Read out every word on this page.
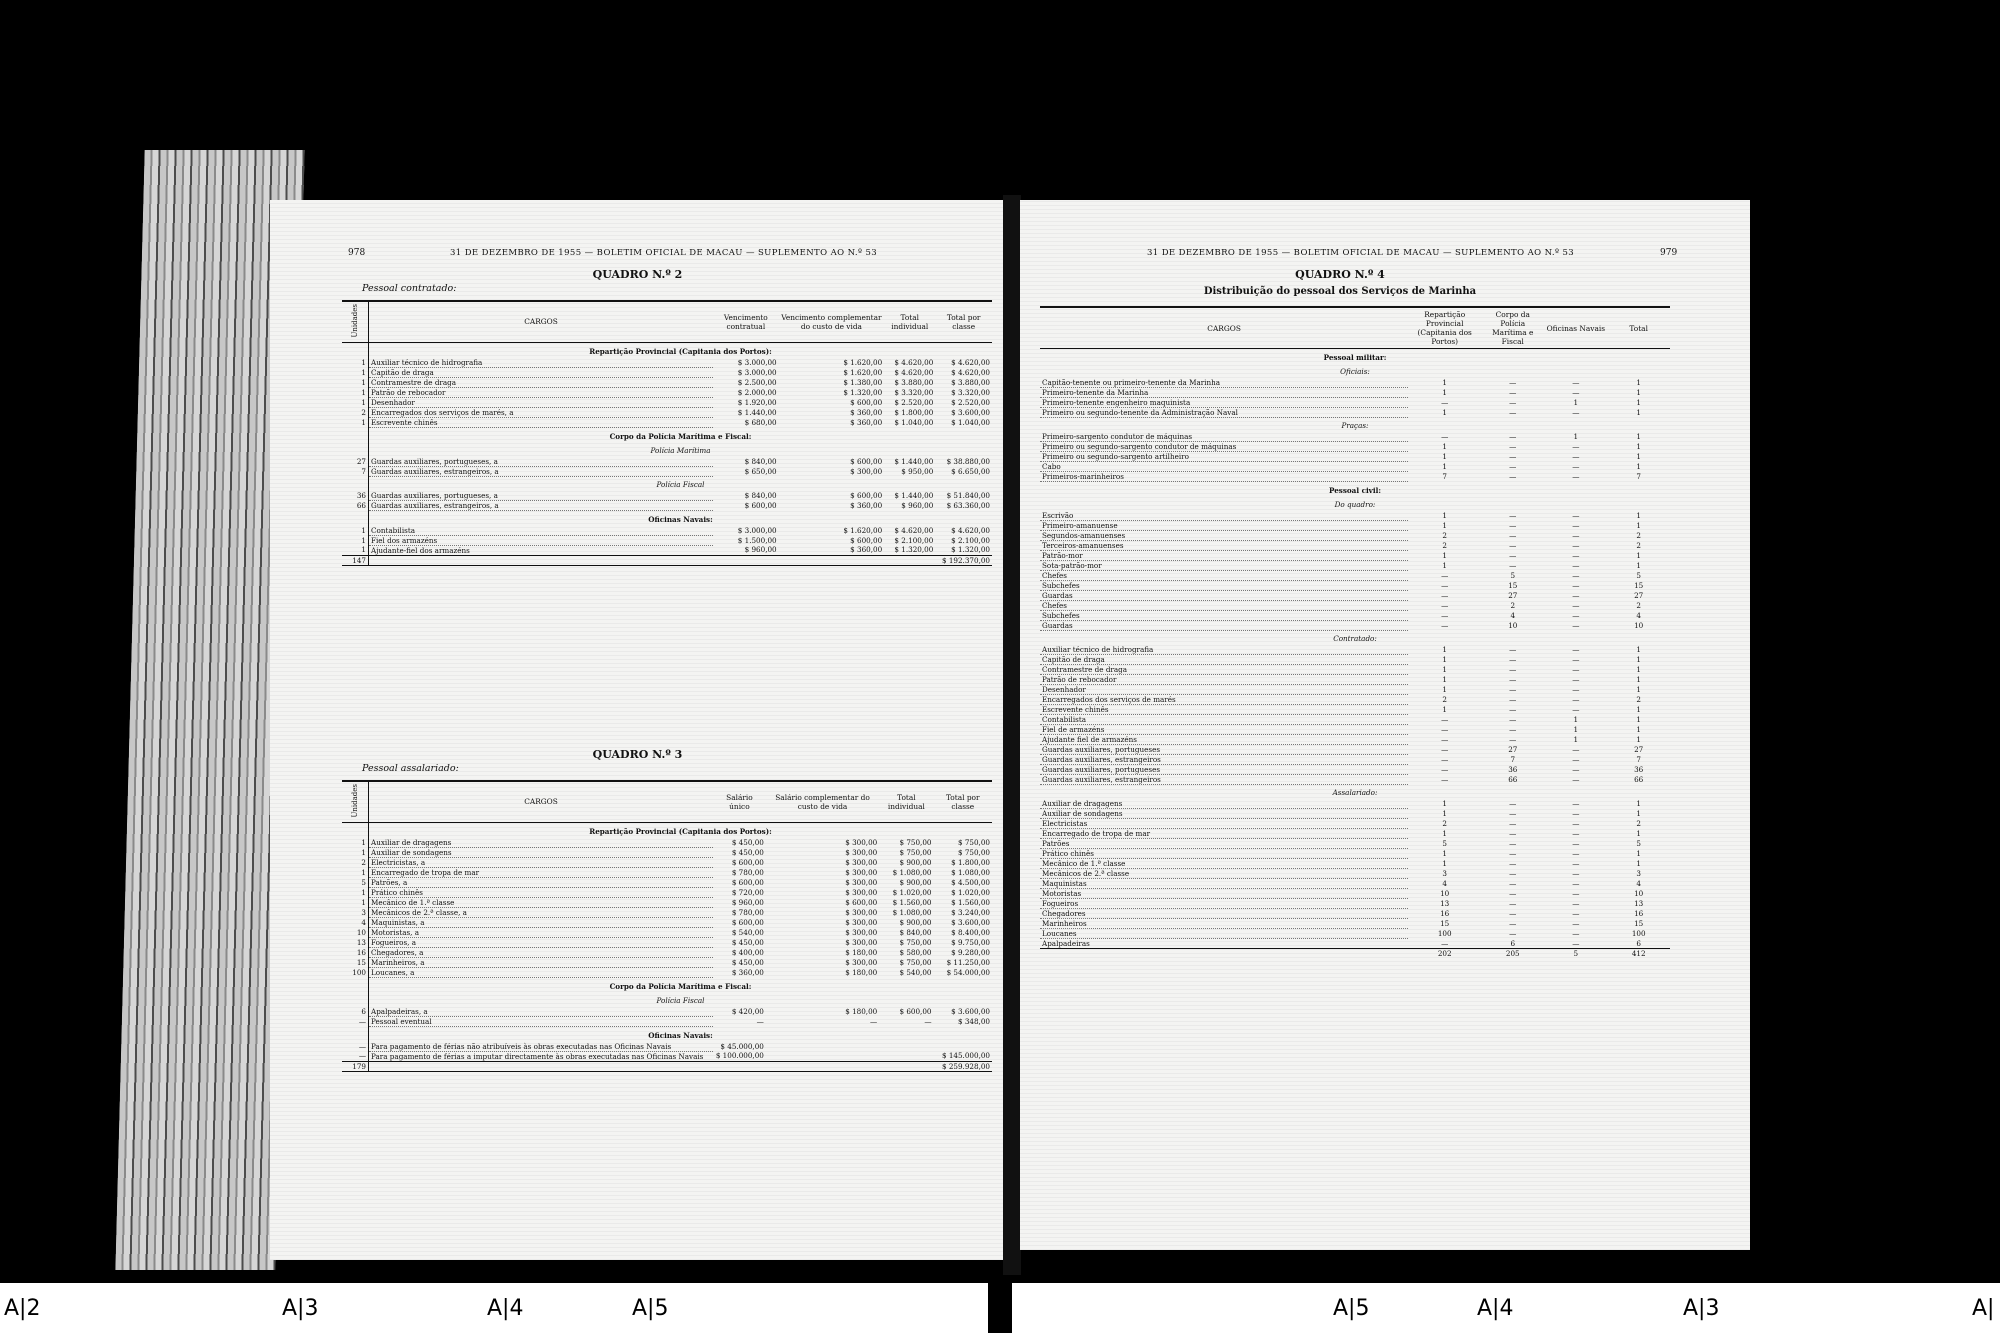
978	31 DE DEZEMBRO DE 1955 — BOLETIM OFICIAL DE MACAU — SUPLEMENTO AO N.º 53
QUADRO N.º 2
Pessoal contratado:
Unidades	CARGOS	Vencimento contratual	Vencimento complementar do custo de vida	Total individual	Total por classe
	Repartição Provincial (Capitania dos Portos):				
1	Auxiliar técnico de hidrografia	$ 3.000,00	$ 1.620,00	$ 4.620,00	$ 4.620,00
1	Capitão de draga	$ 3.000,00	$ 1.620,00	$ 4.620,00	$ 4.620,00
1	Contramestre de draga	$ 2.500,00	$ 1.380,00	$ 3.880,00	$ 3.880,00
1	Patrão de rebocador	$ 2.000,00	$ 1.320,00	$ 3.320,00	$ 3.320,00
1	Desenhador	$ 1.920,00	$ 600,00	$ 2.520,00	$ 2.520,00
2	Encarregados dos serviços de marés, a	$ 1.440,00	$ 360,00	$ 1.800,00	$ 3.600,00
1	Escrevente chinês	$ 680,00	$ 360,00	$ 1.040,00	$ 1.040,00
	Corpo da Polícia Marítima e Fiscal:				
	Polícia Marítima				
27	Guardas auxiliares, portugueses, a	$ 840,00	$ 600,00	$ 1.440,00	$ 38.880,00
7	Guardas auxiliares, estrangeiros, a	$ 650,00	$ 300,00	$ 950,00	$ 6.650,00
	Polícia Fiscal				
36	Guardas auxiliares, portugueses, a	$ 840,00	$ 600,00	$ 1.440,00	$ 51.840,00
66	Guardas auxiliares, estrangeiros, a	$ 600,00	$ 360,00	$ 960,00	$ 63.360,00
	Oficinas Navais:				
1	Contabilista	$ 3.000,00	$ 1.620,00	$ 4.620,00	$ 4.620,00
1	Fiel dos armazéns	$ 1.500,00	$ 600,00	$ 2.100,00	$ 2.100,00
1	Ajudante-fiel dos armazéns	$ 960,00	$ 360,00	$ 1.320,00	$ 1.320,00
147					$ 192.370,00
QUADRO N.º 3
Pessoal assalariado:
Unidades	CARGOS	Salário único	Salário complementar do custo de vida	Total individual	Total por classe
	Repartição Provincial (Capitania dos Portos):				
1	Auxiliar de dragagens	$ 450,00	$ 300,00	$ 750,00	$ 750,00
1	Auxiliar de sondagens	$ 450,00	$ 300,00	$ 750,00	$ 750,00
2	Electricistas, a	$ 600,00	$ 300,00	$ 900,00	$ 1.800,00
1	Encarregado de tropa de mar	$ 780,00	$ 300,00	$ 1.080,00	$ 1.080,00
5	Patrões, a	$ 600,00	$ 300,00	$ 900,00	$ 4.500,00
1	Prático chinês	$ 720,00	$ 300,00	$ 1.020,00	$ 1.020,00
1	Mecânico de 1.ª classe	$ 960,00	$ 600,00	$ 1.560,00	$ 1.560,00
3	Mecânicos de 2.ª classe, a	$ 780,00	$ 300,00	$ 1.080,00	$ 3.240,00
4	Maquinistas, a	$ 600,00	$ 300,00	$ 900,00	$ 3.600,00
10	Motoristas, a	$ 540,00	$ 300,00	$ 840,00	$ 8.400,00
13	Fogueiros, a	$ 450,00	$ 300,00	$ 750,00	$ 9.750,00
16	Chegadores, a	$ 400,00	$ 180,00	$ 580,00	$ 9.280,00
15	Marinheiros, a	$ 450,00	$ 300,00	$ 750,00	$ 11.250,00
100	Loucanes, a	$ 360,00	$ 180,00	$ 540,00	$ 54.000,00
	Corpo da Polícia Marítima e Fiscal:				
	Polícia Fiscal				
6	Apalpadeiras, a	$ 420,00	$ 180,00	$ 600,00	$ 3.600,00
—	Pessoal eventual	—	—	—	$ 348,00
	Oficinas Navais:				
—	Para pagamento de férias não atribuíveis às obras executadas nas Oficinas Navais	$ 45.000,00			
—	Para pagamento de férias a imputar directamente às obras executadas nas Oficinas Navais	$ 100.000,00			$ 145.000,00
179					$ 259.928,00
31 DE DEZEMBRO DE 1955 — BOLETIM OFICIAL DE MACAU — SUPLEMENTO AO N.º 53	979
QUADRO N.º 4
Distribuição do pessoal dos Serviços de Marinha
CARGOS	Repartição Provincial (Capitania dos Portos)	Corpo da Polícia Marítima e Fiscal	Oficinas Navais	Total
Pessoal militar:				
Oficiais:				
Capitão-tenente ou primeiro-tenente da Marinha	1	—	—	1
Primeiro-tenente da Marinha	1	—	—	1
Primeiro-tenente engenheiro maquinista	—	—	1	1
Primeiro ou segundo-tenente da Administração Naval	1	—	—	1
Praças:				
Primeiro-sargento condutor de máquinas	—	—	1	1
Primeiro ou segundo-sargento condutor de máquinas	1	—	—	1
Primeiro ou segundo-sargento artilheiro	1	—	—	1
Cabo	1	—	—	1
Primeiros-marinheiros	7	—	—	7
Pessoal civil:				
Do quadro:				
Escrivão	1	—	—	1
Primeiro-amanuense	1	—	—	1
Segundos-amanuenses	2	—	—	2
Terceiros-amanuenses	2	—	—	2
Patrão-mor	1	—	—	1
Sota-patrão-mor	1	—	—	1
Chefes	—	5	—	5
Subchefes	—	15	—	15
Guardas	—	27	—	27
Chefes	—	2	—	2
Subchefes	—	4	—	4
Guardas	—	10	—	10
Contratado:				
Auxiliar técnico de hidrografia	1	—	—	1
Capitão de draga	1	—	—	1
Contramestre de draga	1	—	—	1
Patrão de rebocador	1	—	—	1
Desenhador	1	—	—	1
Encarregados dos serviços de marés	2	—	—	2
Escrevente chinês	1	—	—	1
Contabilista	—	—	1	1
Fiel de armazéns	—	—	1	1
Ajudante fiel de armazéns	—	—	1	1
Guardas auxiliares, portugueses	—	27	—	27
Guardas auxiliares, estrangeiros	—	7	—	7
Guardas auxiliares, portugueses	—	36	—	36
Guardas auxiliares, estrangeiros	—	66	—	66
Assalariado:				
Auxiliar de dragagens	1	—	—	1
Auxiliar de sondagens	1	—	—	1
Electricistas	2	—	—	2
Encarregado de tropa de mar	1	—	—	1
Patrões	5	—	—	5
Prático chinês	1	—	—	1
Mecânico de 1.ª classe	1	—	—	1
Mecânicos de 2.ª classe	3	—	—	3
Maquinistas	4	—	—	4
Motoristas	10	—	—	10
Fogueiros	13	—	—	13
Chegadores	16	—	—	16
Marinheiros	15	—	—	15
Loucanes	100	—	—	100
Apalpadeiras	—	6	—	6
	202	205	5	412
A|2	A|3	A|4	A|5	A|5	A|4	A|3	A|
